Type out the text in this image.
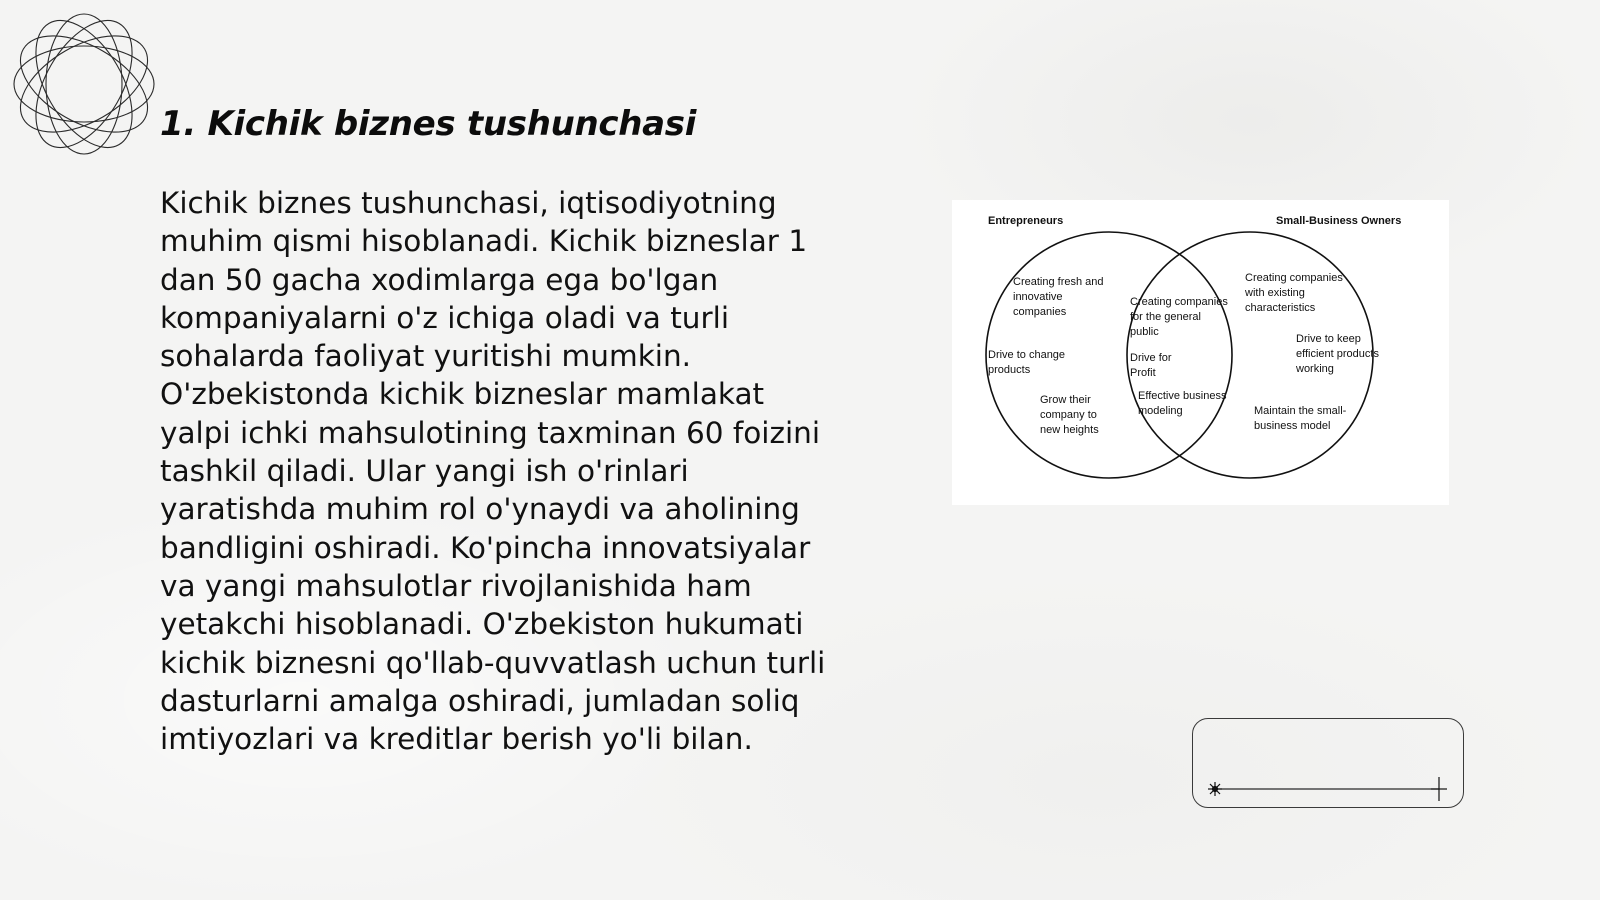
1. Kichik biznes tushunchasi

Kichik biznes tushunchasi, iqtisodiyotning muhim qismi hisoblanadi. Kichik bizneslar 1 dan 50 gacha xodimlarga ega bo'lgan kompaniyalarni o'z ichiga oladi va turli sohalarda faoliyat yuritishi mumkin. O'zbekistonda kichik bizneslar mamlakat yalpi ichki mahsulotining taxminan 60 foizini tashkil qiladi. Ular yangi ish o'rinlari yaratishda muhim rol o'ynaydi va aholining bandligini oshiradi. Ko'pincha innovatsiyalar va yangi mahsulotlar rivojlanishida ham yetakchi hisoblanadi. O'zbekiston hukumati kichik biznesni qo'llab-quvvatlash uchun turli dasturlarni amalga oshiradi, jumladan soliq imtiyozlari va kreditlar berish yo'li bilan.

Entrepreneurs	Small-Business Owners
Creating fresh and innovative companies
Drive to change products
Grow their company to new heights
Creating companies for the general public
Drive for Profit
Effective business modeling
Creating companies with existing characteristics
Drive to keep efficient products working
Maintain the small- business model
